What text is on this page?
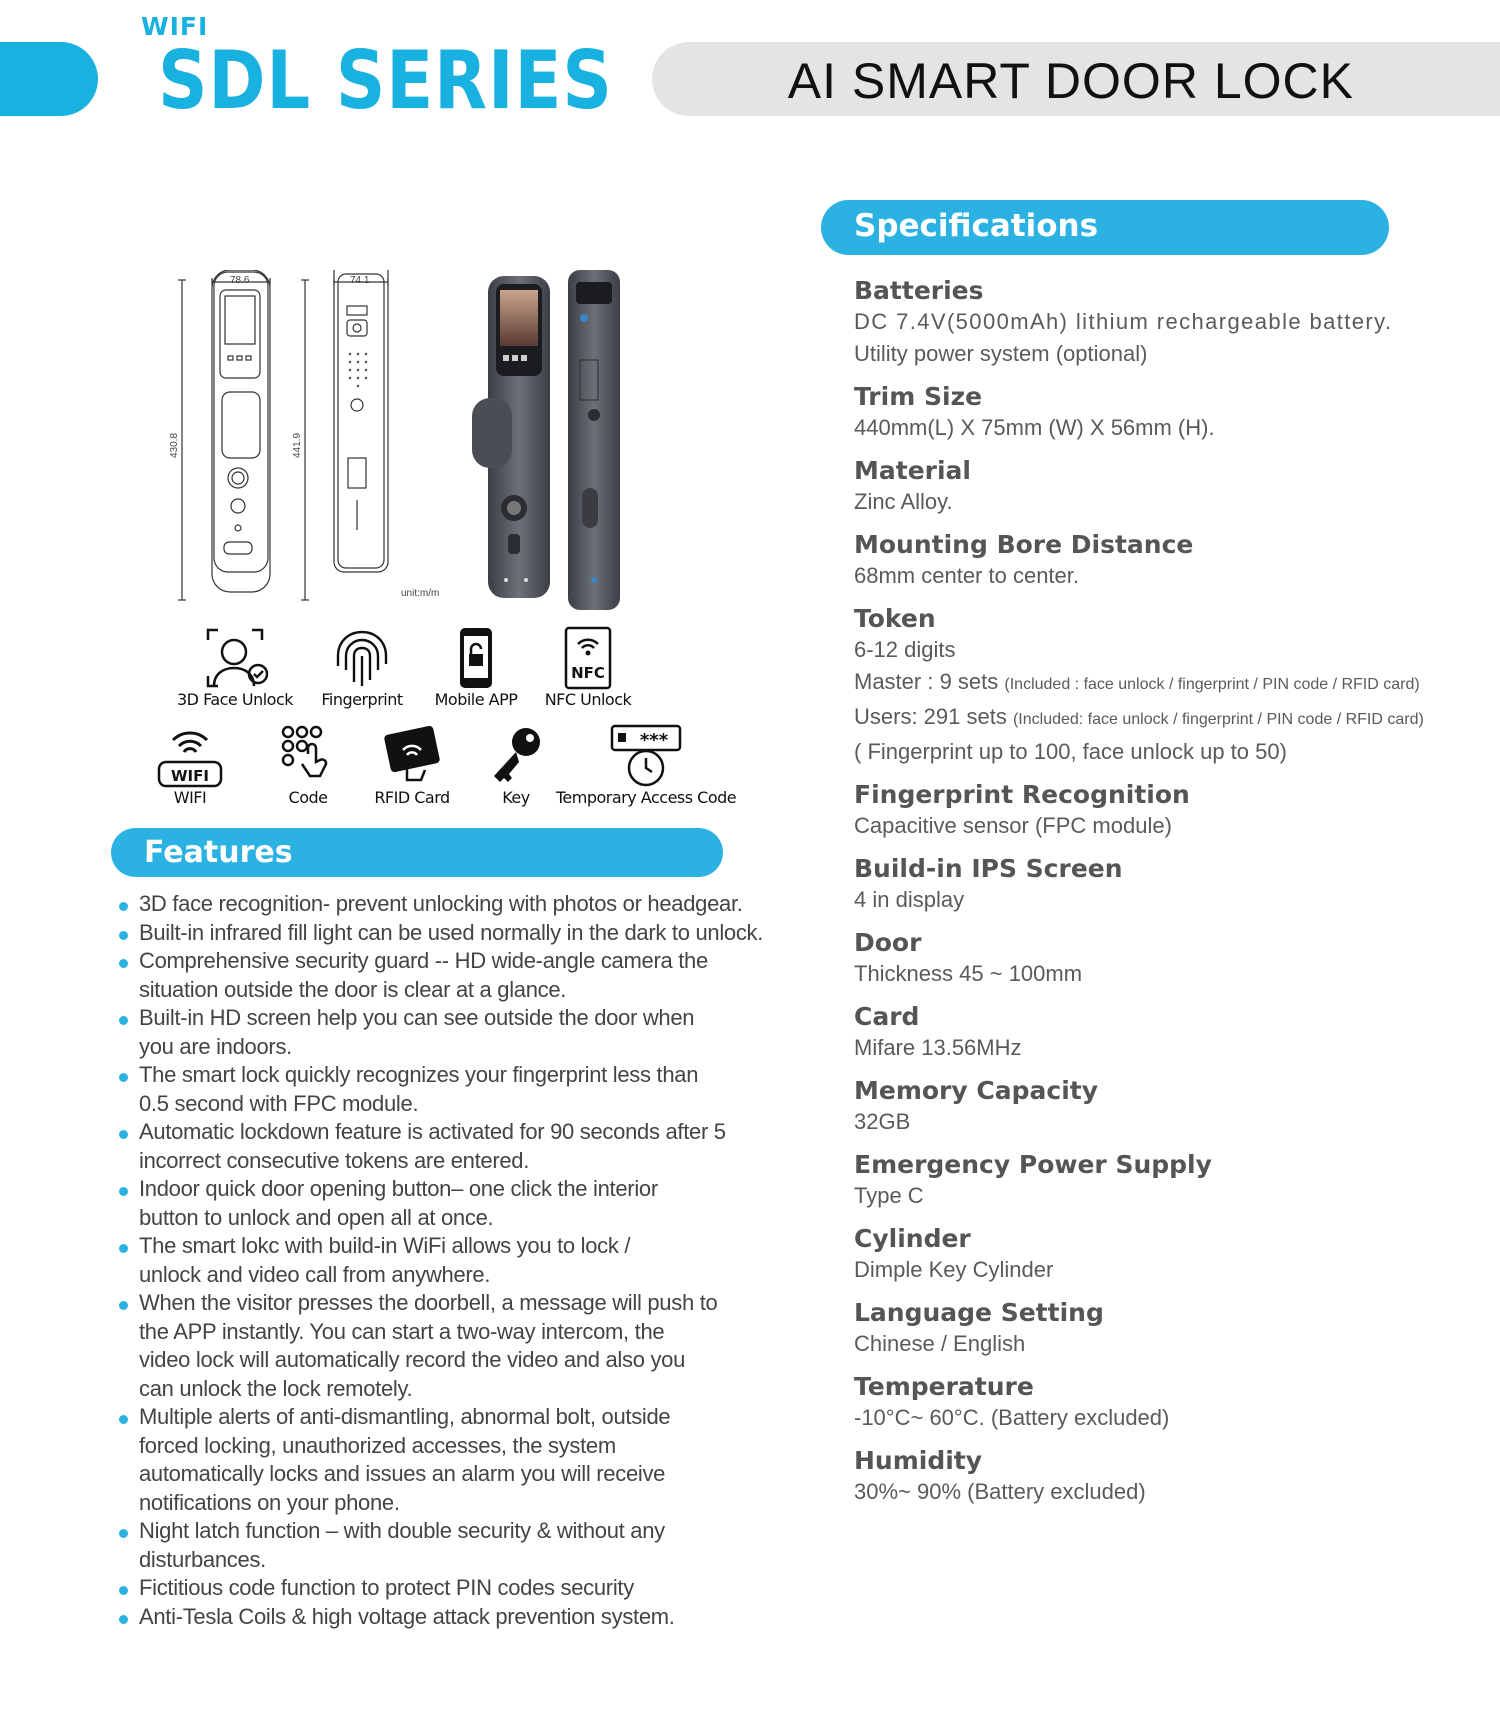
WIFI
SDL SERIES	AI SMART DOOR LOCK
78.6	74.1
430.8	441.9
unit:m/m
3D Face Unlock	Fingerprint	Mobile APP
NFC
NFC Unlock
WIFI
WIFI	Code	RFID Card	Key
***
Temporary Access Code
Features
3D face recognition- prevent unlocking with photos or headgear.
Built-in infrared fill light can be used normally in the dark to unlock.
Comprehensive security guard -- HD wide-angle camera the situation outside the door is clear at a glance.
Built-in HD screen help you can see outside the door when you are indoors.
The smart lock quickly recognizes your fingerprint less than 0.5 second with FPC module.
Automatic lockdown feature is activated for 90 seconds after 5 incorrect consecutive tokens are entered.
Indoor quick door opening button– one click the interior button to unlock and open all at once.
The smart lokc with build-in WiFi allows you to lock / unlock and video call from anywhere.
When the visitor presses the doorbell, a message will push to the APP instantly. You can start a two-way intercom, the video lock will automatically record the video and also you can unlock the lock remotely.
Multiple alerts of anti-dismantling, abnormal bolt, outside forced locking, unauthorized accesses, the system automatically locks and issues an alarm you will receive notifications on your phone.
Night latch function – with double security & without any disturbances.
Fictitious code function to protect PIN codes security
Anti-Tesla Coils & high voltage attack prevention system.
Specifications
Batteries
DC 7.4V(5000mAh) lithium rechargeable battery.
Utility power system (optional)
Trim Size
440mm(L) X 75mm (W) X 56mm (H).
Material
Zinc Alloy.
Mounting Bore Distance
68mm center to center.
Token
6-12 digits
Master : 9 sets (Included : face unlock / fingerprint / PIN code / RFID card)
Users: 291 sets (Included: face unlock / fingerprint / PIN code / RFID card)
( Fingerprint up to 100, face unlock up to 50)
Fingerprint Recognition
Capacitive sensor (FPC module)
Build-in IPS Screen
4 in display
Door
Thickness 45 ~ 100mm
Card
Mifare 13.56MHz
Memory Capacity
32GB
Emergency Power Supply
Type C
Cylinder
Dimple Key Cylinder
Language Setting
Chinese / English
Temperature
-10°C~ 60°C. (Battery excluded)
Humidity
30%~ 90% (Battery excluded)
